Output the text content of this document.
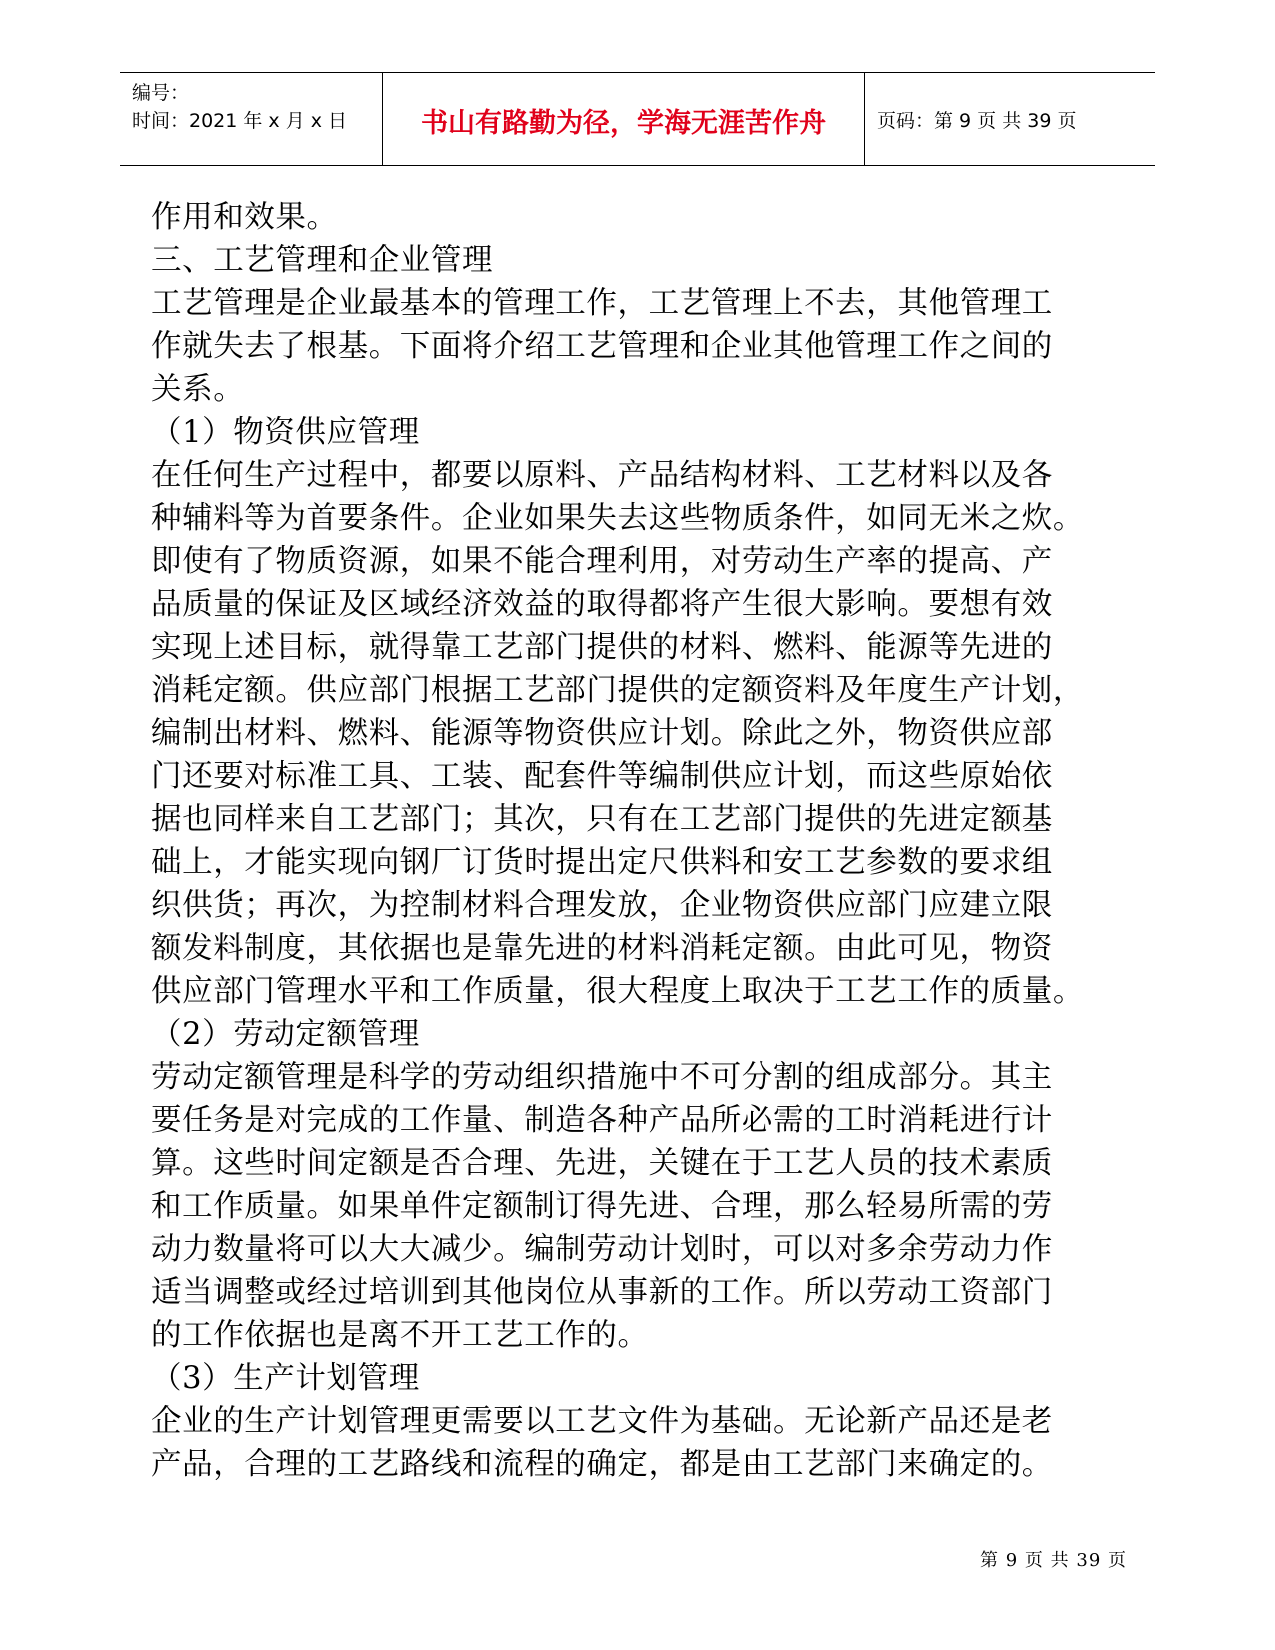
编号：
时间：2021 年 x 月 x 日	书山有路勤为径，学海无涯苦作舟	页码：第 9 页 共 39 页

作用和效果。

三、工艺管理和企业管理

工艺管理是企业最基本的管理工作，工艺管理上不去，其他管理工

作就失去了根基。下面将介绍工艺管理和企业其他管理工作之间的

关系。

（1）物资供应管理

在任何生产过程中，都要以原料、产品结构材料、工艺材料以及各

种辅料等为首要条件。企业如果失去这些物质条件，如同无米之炊。

即使有了物质资源，如果不能合理利用，对劳动生产率的提高、产

品质量的保证及区域经济效益的取得都将产生很大影响。要想有效

实现上述目标，就得靠工艺部门提供的材料、燃料、能源等先进的

消耗定额。供应部门根据工艺部门提供的定额资料及年度生产计划，

编制出材料、燃料、能源等物资供应计划。除此之外，物资供应部

门还要对标准工具、工装、配套件等编制供应计划，而这些原始依

据也同样来自工艺部门；其次，只有在工艺部门提供的先进定额基

础上，才能实现向钢厂订货时提出定尺供料和安工艺参数的要求组

织供货；再次，为控制材料合理发放，企业物资供应部门应建立限

额发料制度，其依据也是靠先进的材料消耗定额。由此可见，物资

供应部门管理水平和工作质量，很大程度上取决于工艺工作的质量。

（2）劳动定额管理

劳动定额管理是科学的劳动组织措施中不可分割的组成部分。其主

要任务是对完成的工作量、制造各种产品所必需的工时消耗进行计

算。这些时间定额是否合理、先进，关键在于工艺人员的技术素质

和工作质量。如果单件定额制订得先进、合理，那么轻易所需的劳

动力数量将可以大大减少。编制劳动计划时，可以对多余劳动力作

适当调整或经过培训到其他岗位从事新的工作。所以劳动工资部门

的工作依据也是离不开工艺工作的。

（3）生产计划管理

企业的生产计划管理更需要以工艺文件为基础。无论新产品还是老

产品，合理的工艺路线和流程的确定，都是由工艺部门来确定的。

第 9 页 共 39 页
